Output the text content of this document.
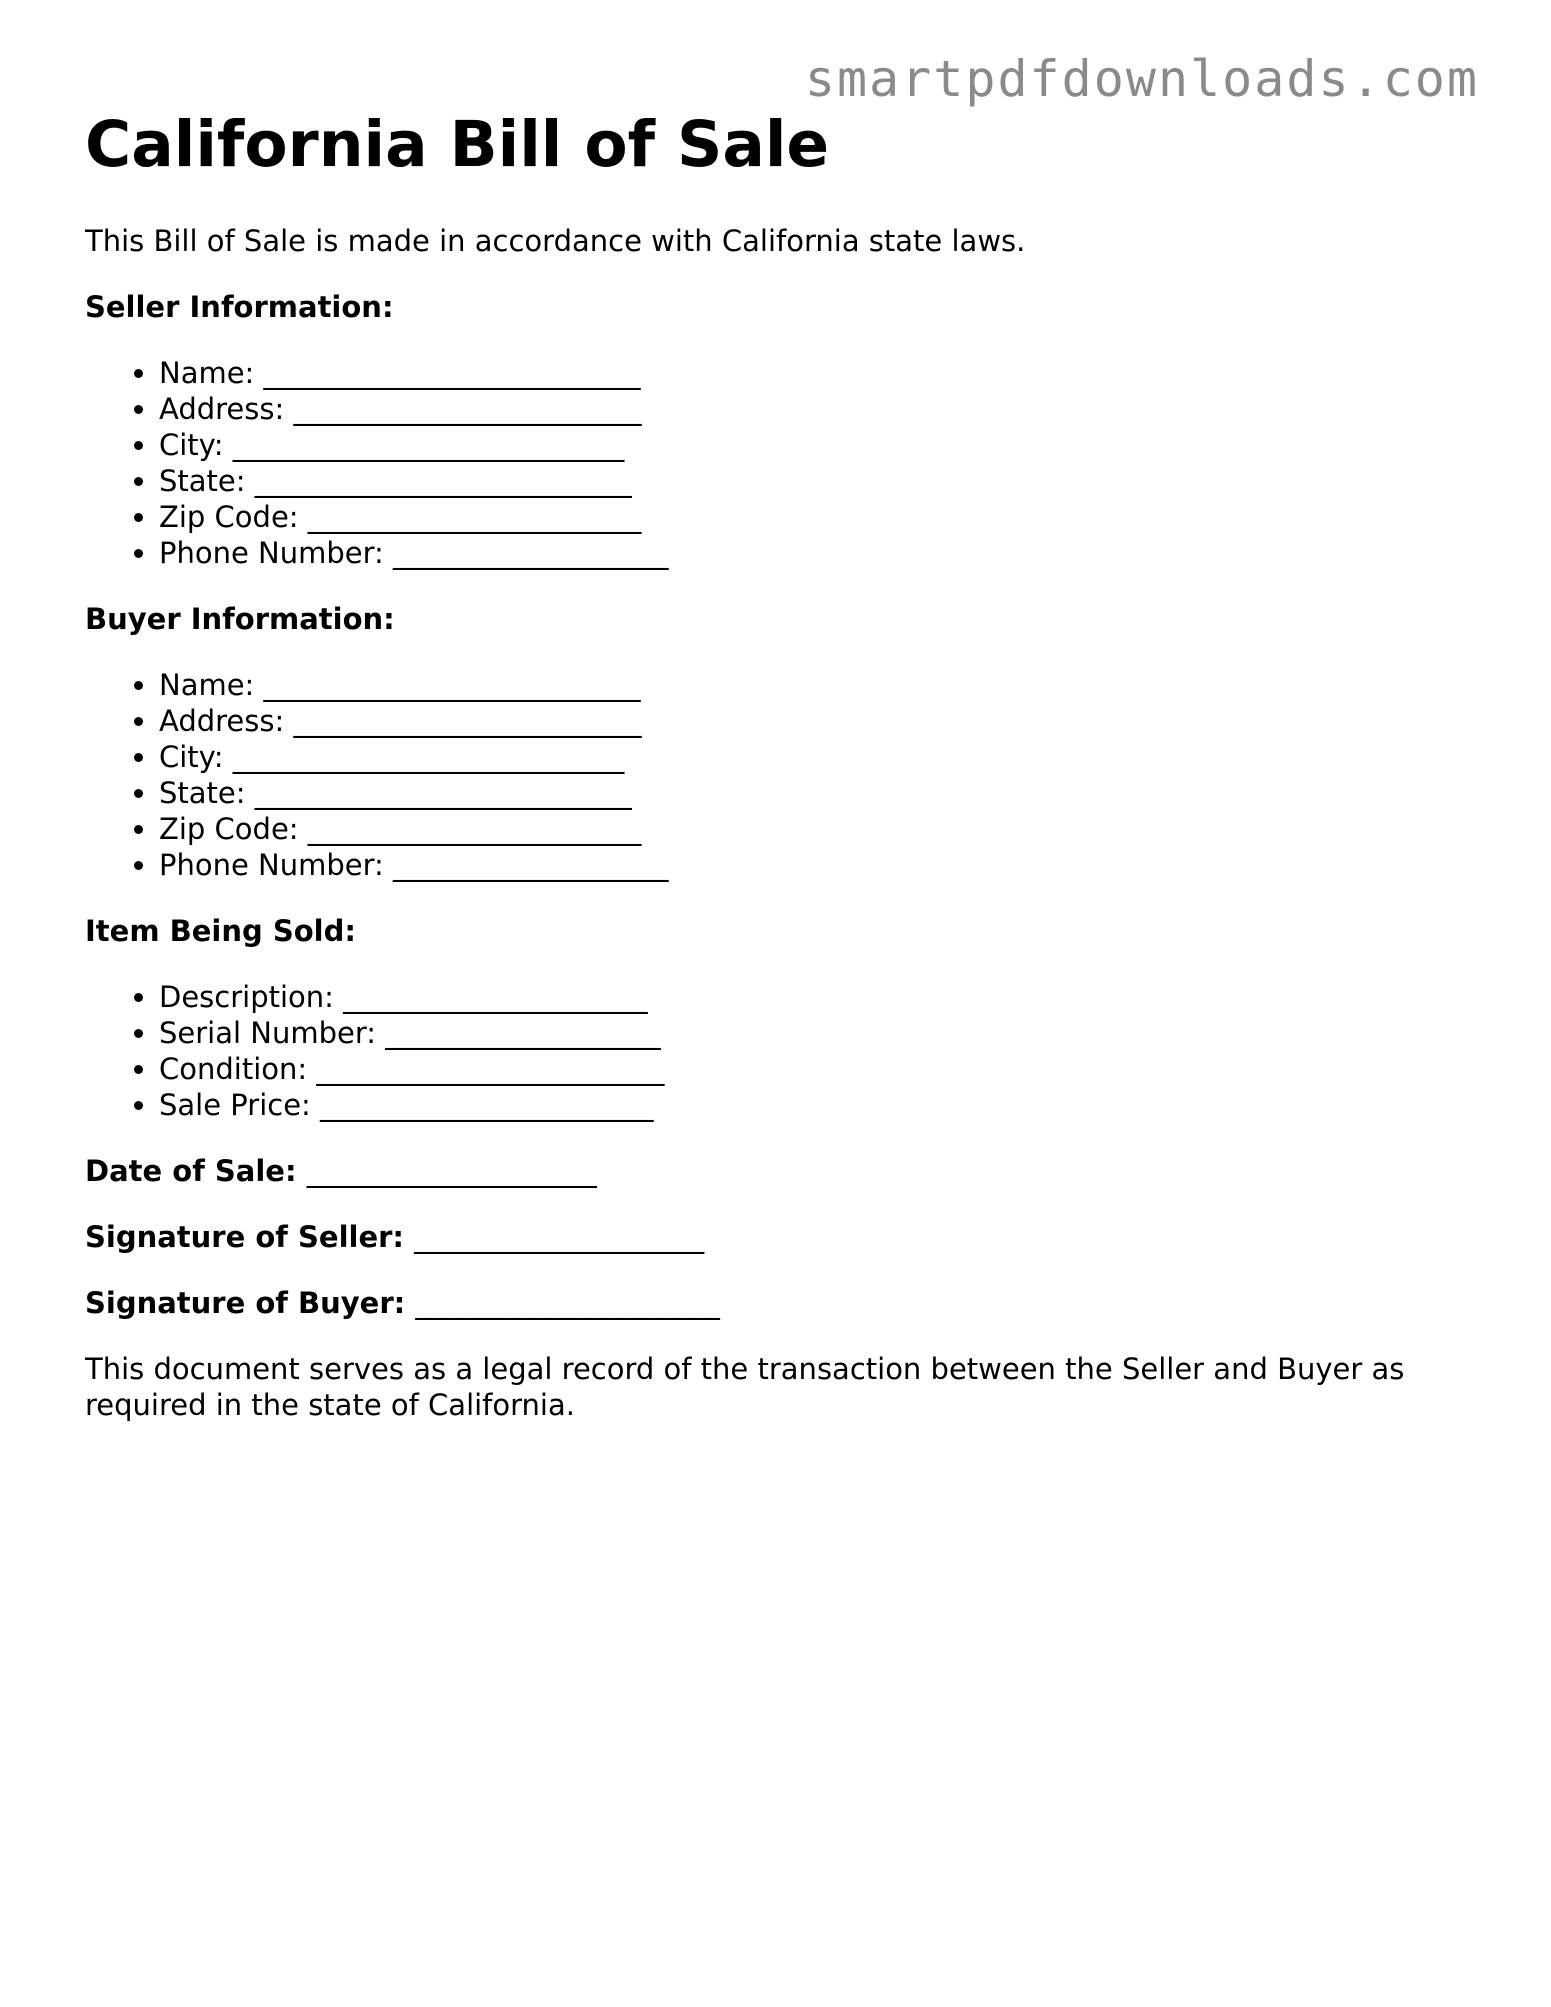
smartpdfdownloads.com
California Bill of Sale

This Bill of Sale is made in accordance with California state laws.

Seller Information:
• Name: __________________________
• Address: ________________________
• City: ___________________________
• State: __________________________
• Zip Code: _______________________
• Phone Number: ___________________
Buyer Information:
• Name: __________________________
• Address: ________________________
• City: ___________________________
• State: __________________________
• Zip Code: _______________________
• Phone Number: ___________________
Item Being Sold:
• Description: _____________________
• Serial Number: ___________________
• Condition: ________________________
• Sale Price: _______________________
Date of Sale: ____________________
Signature of Seller: ____________________
Signature of Buyer: _____________________

This document serves as a legal record of the transaction between the Seller and Buyer as required in the state of California.
